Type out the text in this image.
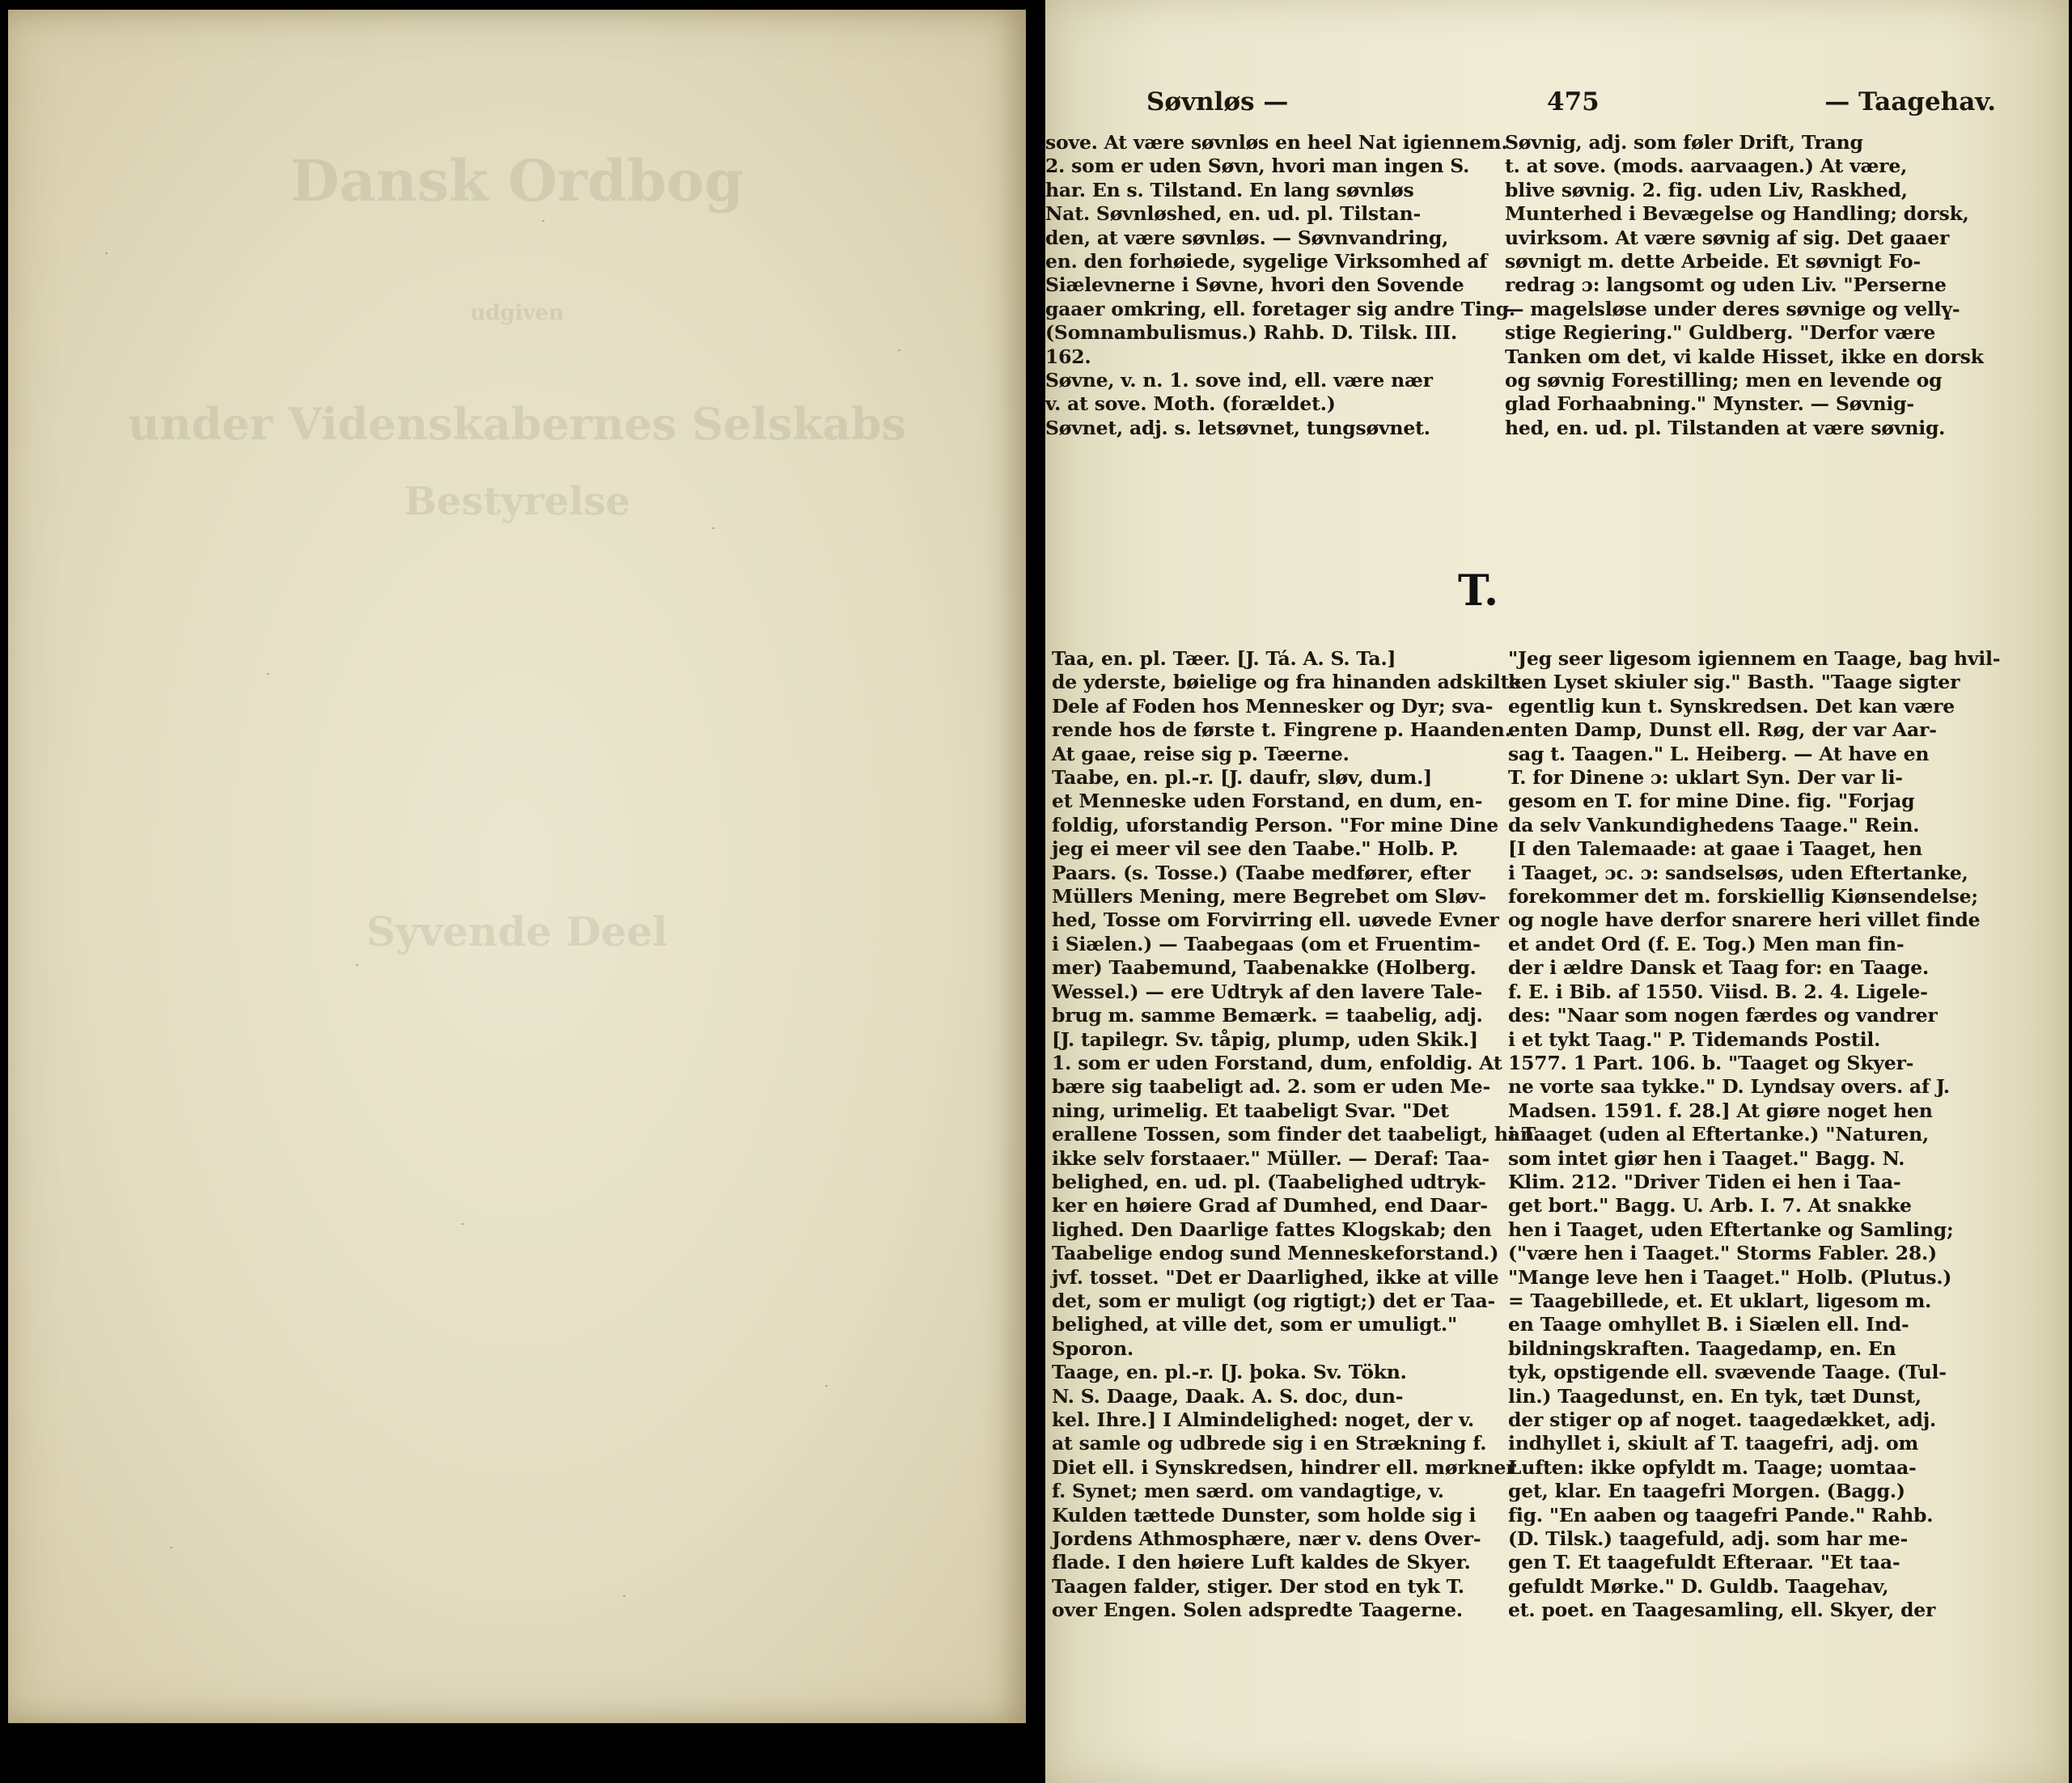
Dansk Ordbog
udgiven
under Videnskabernes Selskabs
Bestyrelse
Syvende Deel
Søvnløs —	475	— Taagehav.
sove. At være søvnløs en heel Nat igiennem.
2. som er uden Søvn, hvori man ingen S.
har. En s. Tilstand. En lang søvnløs
Nat. Søvnløshed, en. ud. pl. Tilstan-
den, at være søvnløs. — Søvnvandring,
en. den forhøiede, sygelige Virksomhed af
Siælevnerne i Søvne, hvori den Sovende
gaaer omkring, ell. foretager sig andre Ting.
(Somnambulismus.) Rahb. D. Tilsk. III.
162.
Søvne, v. n. 1. sove ind, ell. være nær
v. at sove. Moth. (forældet.)
Søvnet, adj. s. letsøvnet, tungsøvnet.
Søvnig, adj. som føler Drift, Trang
t. at sove. (mods. aarvaagen.) At være,
blive søvnig. 2. fig. uden Liv, Raskhed,
Munterhed i Bevægelse og Handling; dorsk,
uvirksom. At være søvnig af sig. Det gaaer
søvnigt m. dette Arbeide. Et søvnigt Fo-
redrag ɔ: langsomt og uden Liv. "Perserne
— magelsløse under deres søvnige og vellү-
stige Regiering." Guldberg. "Derfor være
Tanken om det, vi kalde Hisset, ikke en dorsk
og søvnig Forestilling; men en levende og
glad Forhaabning." Mynster. — Søvnig-
hed, en. ud. pl. Tilstanden at være søvnig.
T.
Taa, en. pl. Tæer. [J. Tá. A. S. Ta.]
de yderste, bøielige og fra hinanden adskilte
Dele af Foden hos Mennesker og Dyr; sva-
rende hos de første t. Fingrene p. Haanden.
At gaae, reise sig p. Tæerne.
Taabe, en. pl.-r. [J. daufr, sløv, dum.]
et Menneske uden Forstand, en dum, en-
foldig, uforstandig Person. "For mine Dine
jeg ei meer vil see den Taabe." Holb. P.
Paars. (s. Tosse.) (Taabe medfører, efter
Müllers Mening, mere Begrebet om Sløv-
hed, Tosse om Forvirring ell. uøvede Evner
i Siælen.) — Taabegaas (om et Fruentim-
mer) Taabemund, Taabenakke (Holberg.
Wessel.) — ere Udtryk af den lavere Tale-
brug m. samme Bemærk. = taabelig, adj.
[J. tapilegr. Sv. tåpig, plump, uden Skik.]
1. som er uden Forstand, dum, enfoldig. At
bære sig taabeligt ad. 2. som er uden Me-
ning, urimelig. Et taabeligt Svar. "Det
erallene Tossen, som finder det taabeligt, han
ikke selv forstaaer." Müller. — Deraf: Taa-
belighed, en. ud. pl. (Taabelighed udtryk-
ker en høiere Grad af Dumhed, end Daar-
lighed. Den Daarlige fattes Klogskab; den
Taabelige endog sund Menneskeforstand.)
jvf. tosset. "Det er Daarlighed, ikke at ville
det, som er muligt (og rigtigt;) det er Taa-
belighed, at ville det, som er umuligt."
Sporon.
Taage, en. pl.-r. [J. þoka. Sv. Tökn.
N. S. Daage, Daak. A. S. doc, dun-
kel. Ihre.] I Almindelighed: noget, der v.
at samle og udbrede sig i en Strækning f.
Diet ell. i Synskredsen, hindrer ell. mørkner
f. Synet; men særd. om vandagtige, v.
Kulden tættede Dunster, som holde sig i
Jordens Athmosphære, nær v. dens Over-
flade. I den høiere Luft kaldes de Skyer.
Taagen falder, stiger. Der stod en tyk T.
over Engen. Solen adspredte Taagerne.
"Jeg seer ligesom igiennem en Taage, bag hvil-
ken Lyset skiuler sig." Basth. "Taage sigter
egentlig kun t. Synskredsen. Det kan være
enten Damp, Dunst ell. Røg, der var Aar-
sag t. Taagen." L. Heiberg. — At have en
T. for Dinene ɔ: uklart Syn. Der var li-
gesom en T. for mine Dine. fig. "Forjag
da selv Vankundighedens Taage." Rein.
[I den Talemaade: at gaae i Taaget, hen
i Taaget, ɔc. ɔ: sandselsøs, uden Eftertanke,
forekommer det m. forskiellig Kiønsendelse;
og nogle have derfor snarere heri villet finde
et andet Ord (f. E. Tog.) Men man fin-
der i ældre Dansk et Taag for: en Taage.
f. E. i Bib. af 1550. Viisd. B. 2. 4. Ligele-
des: "Naar som nogen færdes og vandrer
i et tykt Taag." P. Tidemands Postil.
1577. 1 Part. 106. b. "Taaget og Skyer-
ne vorte saa tykke." D. Lyndsay overs. af J.
Madsen. 1591. f. 28.] At giøre noget hen
i Taaget (uden al Eftertanke.) "Naturen,
som intet giør hen i Taaget." Bagg. N.
Klim. 212. "Driver Tiden ei hen i Taa-
get bort." Bagg. U. Arb. I. 7. At snakke
hen i Taaget, uden Eftertanke og Samling;
("være hen i Taaget." Storms Fabler. 28.)
"Mange leve hen i Taaget." Holb. (Plutus.)
= Taagebillede, et. Et uklart, ligesom m.
en Taage omhyllet B. i Siælen ell. Ind-
bildningskraften. Taagedamp, en. En
tyk, opstigende ell. svævende Taage. (Tul-
lin.) Taagedunst, en. En tyk, tæt Dunst,
der stiger op af noget. taagedækket, adj.
indhyllet i, skiult af T. taagefri, adj. om
Luften: ikke opfyldt m. Taage; uomtaa-
get, klar. En taagefri Morgen. (Bagg.)
fig. "En aaben og taagefri Pande." Rahb.
(D. Tilsk.) taagefuld, adj. som har me-
gen T. Et taagefuldt Efteraar. "Et taa-
gefuldt Mørke." D. Guldb. Taagehav,
et. poet. en Taagesamling, ell. Skyer, der
